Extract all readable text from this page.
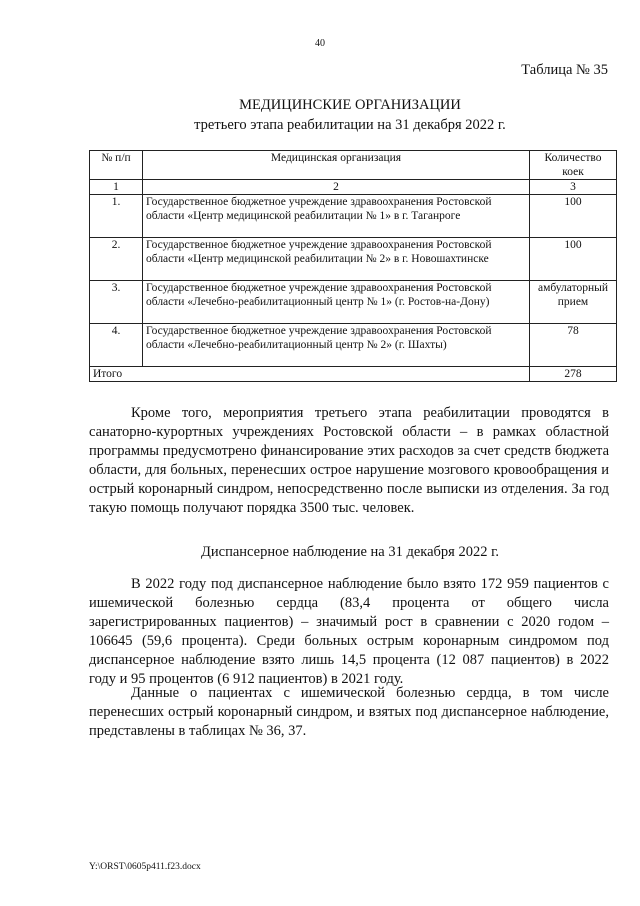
40
Таблица № 35
МЕДИЦИНСКИЕ ОРГАНИЗАЦИИ
третьего этапа реабилитации на 31 декабря 2022 г.
№ п/п	Медицинская организация	Количество коек
1	2	3
1.	Государственное бюджетное учреждение здравоохранения Ростовской области «Центр медицинской реабилитации № 1» в г. Таганроге	100
2.	Государственное бюджетное учреждение здравоохранения Ростовской области «Центр медицинской реабилитации № 2» в г. Новошахтинске	100
3.	Государственное бюджетное учреждение здравоохранения Ростовской области «Лечебно-реабилитационный центр № 1» (г. Ростов-на-Дону)	амбулаторный прием
4.	Государственное бюджетное учреждение здравоохранения Ростовской области «Лечебно-реабилитационный центр № 2» (г. Шахты)	78
Итого		278

Кроме того, мероприятия третьего этапа реабилитации проводятся в санаторно-курортных учреждениях Ростовской области – в рамках областной программы предусмотрено финансирование этих расходов за счет средств бюджета области, для больных, перенесших острое нарушение мозгового кровообращения и острый коронарный синдром, непосредственно после выписки из отделения. За год такую помощь получают порядка 3500 тыс. человек.

Диспансерное наблюдение на 31 декабря 2022 г.

В 2022 году под диспансерное наблюдение было взято 172 959 пациентов с ишемической болезнью сердца (83,4 процента от общего числа зарегистрированных пациентов) – значимый рост в сравнении с 2020 годом – 106645 (59,6 процента). Среди больных острым коронарным синдромом под диспансерное наблюдение взято лишь 14,5 процента (12 087 пациентов) в 2022 году и 95 процентов (6 912 пациентов) в 2021 году.

Данные о пациентах с ишемической болезнью сердца, в том числе перенесших острый коронарный синдром, и взятых под диспансерное наблюдение, представлены в таблицах № 36, 37.

Y:\ORST\0605p411.f23.docx
